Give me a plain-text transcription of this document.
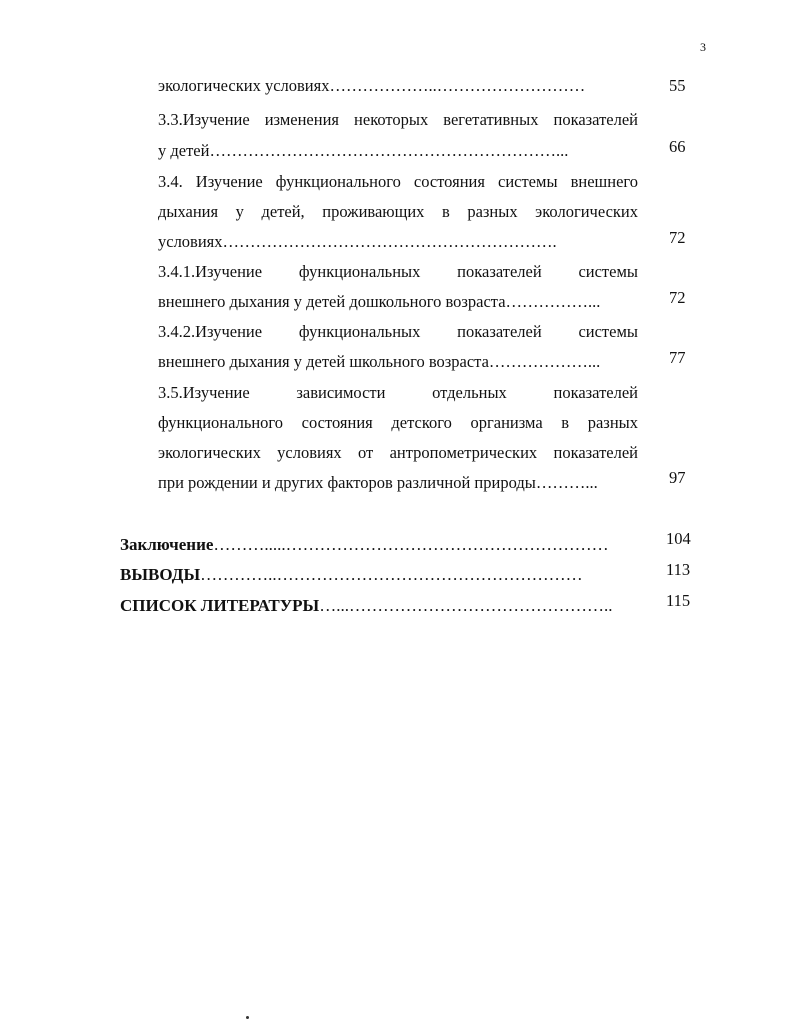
3
экологических условиях………………..………………………	55
3.3.Изучение изменения некоторых вегетативных показателей
у детей………………………………………………………...	66
3.4. Изучение функционального состояния системы внешнего
дыхания у детей, проживающих в разных экологических
условиях…………………………………………………….	72
3.4.1.Изучение функциональных показателей системы
внешнего дыхания у детей дошкольного возраста……………...	72
3.4.2.Изучение функциональных показателей системы
внешнего дыхания у детей школьного возраста………………...	77
3.5.Изучение зависимости отдельных показателей
функционального состояния детского организма в разных
экологических условиях от антропометрических показателей
при рождении и других факторов различной природы………...	97
Заключение……….....…………………………………………………	104
ВЫВОДЫ…………..………………………………………………	113
СПИСОК ЛИТЕРАТУРЫ…...………………………………………..	115
